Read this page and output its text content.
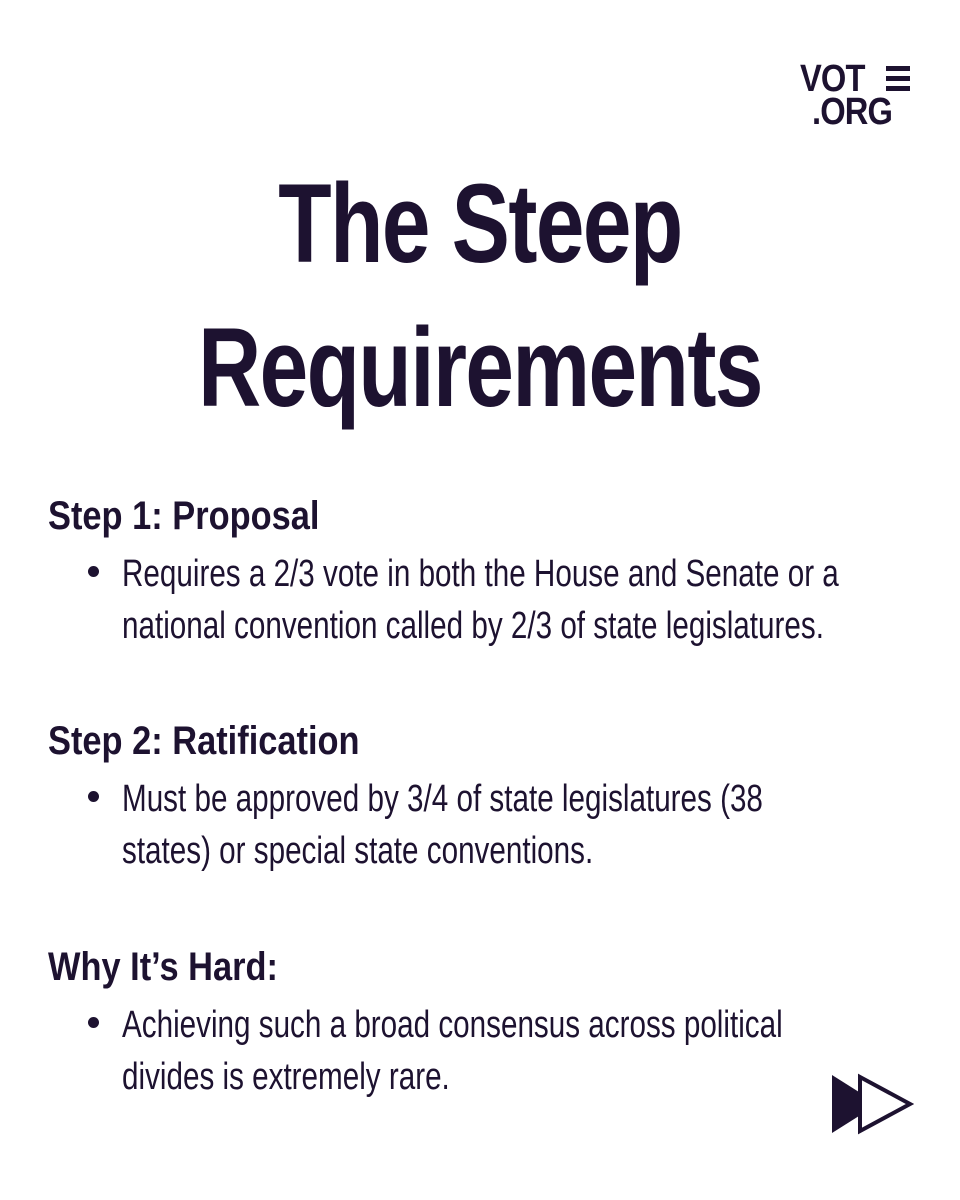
VOT
.ORG
The Steep
Requirements
Step 1: Proposal
Requires a 2/3 vote in both the House and Senate or a national convention called by 2/3 of state legislatures.
Step 2: Ratification
Must be approved by 3/4 of state legislatures (38 states) or special state conventions.
Why It’s Hard:
Achieving such a broad consensus across political divides is extremely rare.
